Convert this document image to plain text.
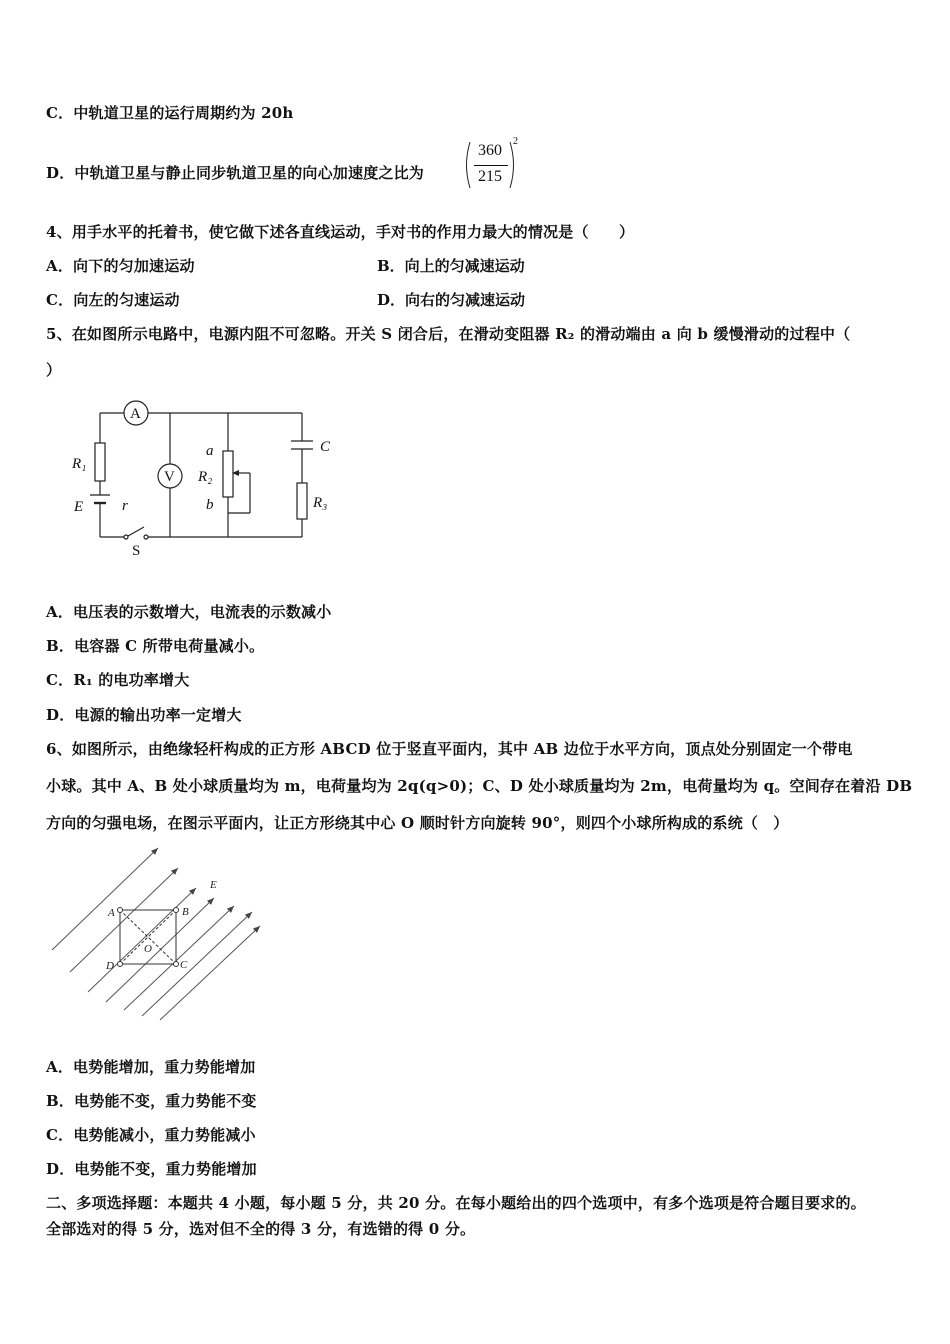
C．中轨道卫星的运行周期约为 20h
D．中轨道卫星与静止同步轨道卫星的向心加速度之比为
360
215
2
4、用手水平的托着书，使它做下述各直线运动，手对书的作用力最大的情况是（　　）
A．向下的匀加速运动	B．向上的匀减速运动
C．向左的匀速运动	D．向右的匀减速运动
5、在如图所示电路中，电源内阻不可忽略。开关 S 闭合后，在滑动变阻器 R₂ 的滑动端由 a 向 b 缓慢滑动的过程中（
）
A
V
R₁
E	r
a
R₂
b
C
R₃
S
A．电压表的示数增大，电流表的示数减小
B．电容器 C 所带电荷量减小。
C．R₁ 的电功率增大
D．电源的输出功率一定增大
6、如图所示，由绝缘轻杆构成的正方形 ABCD 位于竖直平面内，其中 AB 边位于水平方向，顶点处分别固定一个带电
小球。其中 A、B 处小球质量均为 m，电荷量均为 2q(q>0)；C、D 处小球质量均为 2m，电荷量均为 q。空间存在着沿 DB
方向的匀强电场，在图示平面内，让正方形绕其中心 O 顺时针方向旋转 90°，则四个小球所构成的系统（　）
E
A	B
C
D
O
A．电势能增加，重力势能增加
B．电势能不变，重力势能不变
C．电势能减小，重力势能减小
D．电势能不变，重力势能增加
二、多项选择题：本题共 4 小题，每小题 5 分，共 20 分。在每小题给出的四个选项中，有多个选项是符合题目要求的。
全部选对的得 5 分，选对但不全的得 3 分，有选错的得 0 分。
